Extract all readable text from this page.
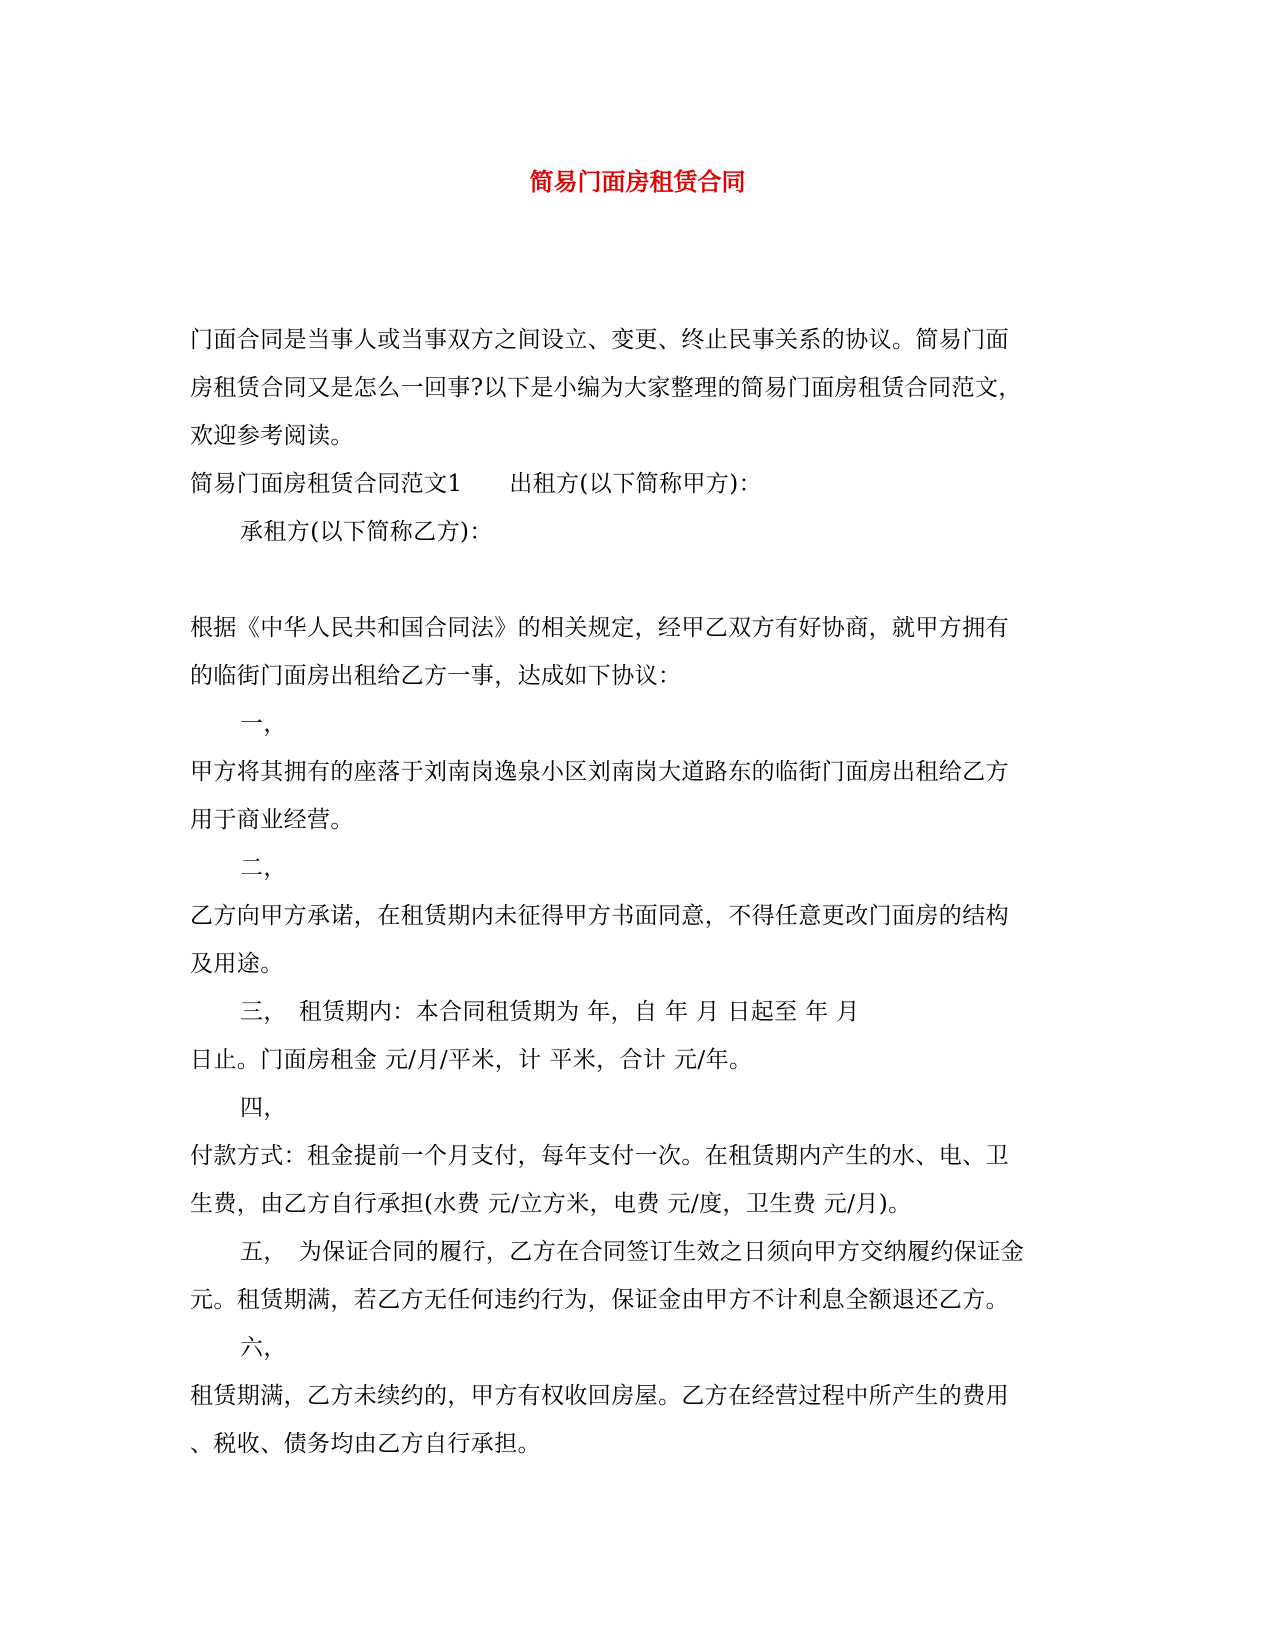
简易门面房租赁合同
门面合同是当事人或当事双方之间设立、变更、终止民事关系的协议。简易门面
房租赁合同又是怎么一回事?以下是小编为大家整理的简易门面房租赁合同范文，
欢迎参考阅读。
简易门面房租赁合同范文1　　出租方(以下简称甲方)：
承租方(以下简称乙方)：
根据《中华人民共和国合同法》的相关规定，经甲乙双方有好协商，就甲方拥有
的临街门面房出租给乙方一事，达成如下协议：
一，
甲方将其拥有的座落于刘南岗逸泉小区刘南岗大道路东的临街门面房出租给乙方
用于商业经营。
二，
乙方向甲方承诺，在租赁期内未征得甲方书面同意，不得任意更改门面房的结构
及用途。
三，　租赁期内：本合同租赁期为 年，自 年 月 日起至 年 月
日止。门面房租金 元/月/平米，计 平米，合计 元/年。
四，
付款方式：租金提前一个月支付，每年支付一次。在租赁期内产生的水、电、卫
生费，由乙方自行承担(水费 元/立方米，电费 元/度，卫生费 元/月)。
五，　为保证合同的履行，乙方在合同签订生效之日须向甲方交纳履约保证金
元。租赁期满，若乙方无任何违约行为，保证金由甲方不计利息全额退还乙方。
六，
租赁期满，乙方未续约的，甲方有权收回房屋。乙方在经营过程中所产生的费用
、税收、债务均由乙方自行承担。
